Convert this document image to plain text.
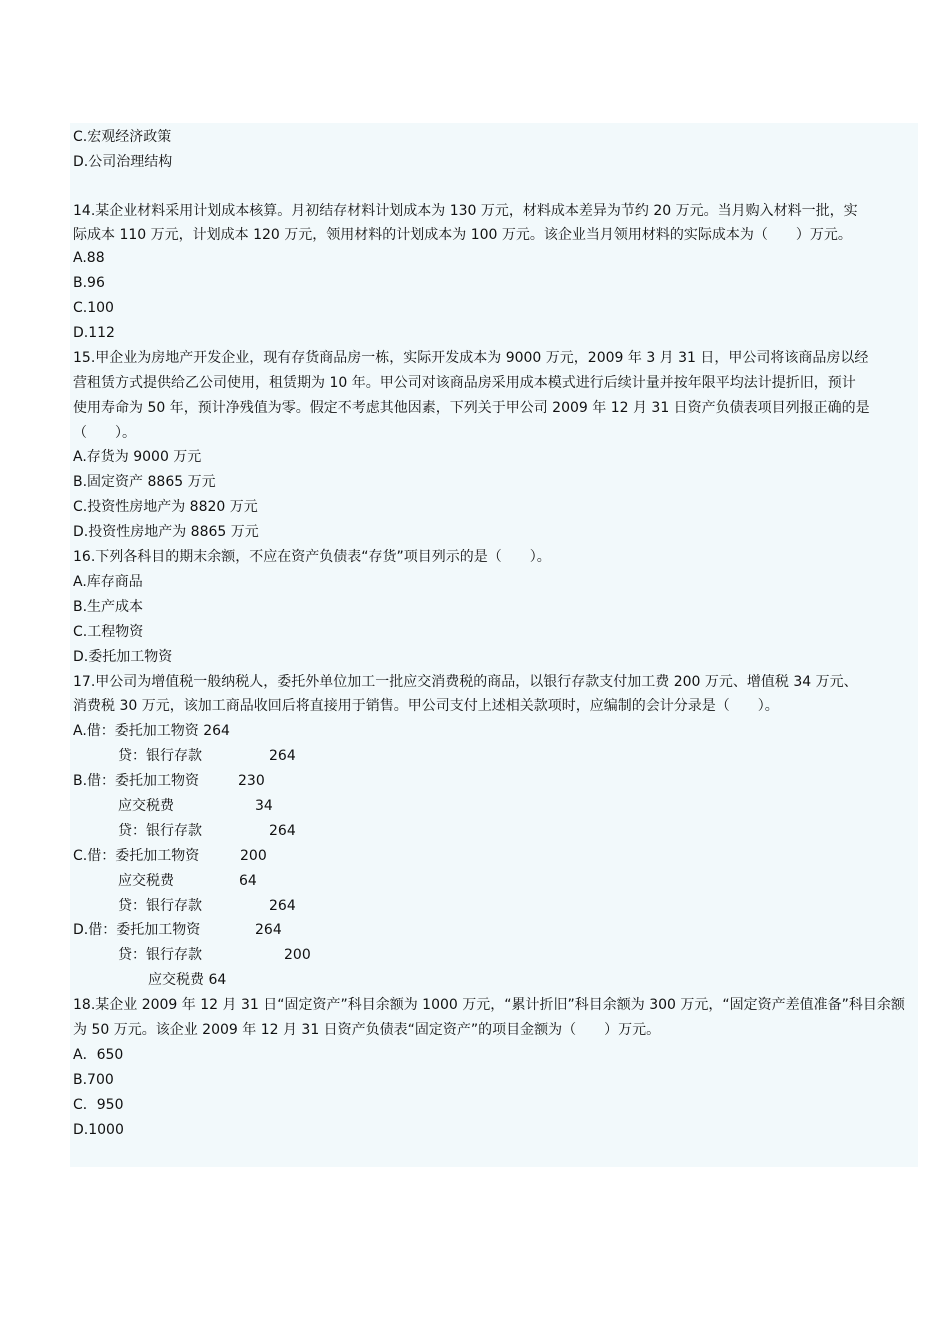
C.宏观经济政策
D.公司治理结构
14.某企业材料采用计划成本核算。月初结存材料计划成本为 130 万元，材料成本差异为节约 20 万元。当月购入材料一批，实
际成本 110 万元，计划成本 120 万元，领用材料的计划成本为 100 万元。该企业当月领用材料的实际成本为（　　）万元。
A.88
B.96
C.100
D.112
15.甲企业为房地产开发企业，现有存货商品房一栋，实际开发成本为 9000 万元，2009 年 3 月 31 日，甲公司将该商品房以经
营租赁方式提供给乙公司使用，租赁期为 10 年。甲公司对该商品房采用成本模式进行后续计量并按年限平均法计提折旧，预计
使用寿命为 50 年，预计净残值为零。假定不考虑其他因素，下列关于甲公司 2009 年 12 月 31 日资产负债表项目列报正确的是
（　　）。
A.存货为 9000 万元
B.固定资产 8865 万元
C.投资性房地产为 8820 万元
D.投资性房地产为 8865 万元
16.下列各科目的期末余额，不应在资产负债表“存货”项目列示的是（　　）。
A.库存商品
B.生产成本
C.工程物资
D.委托加工物资
17.甲公司为增值税一般纳税人，委托外单位加工一批应交消费税的商品，以银行存款支付加工费 200 万元、增值税 34 万元、
消费税 30 万元，该加工商品收回后将直接用于销售。甲公司支付上述相关款项时，应编制的会计分录是（　　）。
A.借：委托加工物资 264
贷：银行存款	264
B.借：委托加工物资	230
应交税费	34
贷：银行存款	264
C.借：委托加工物资	200
应交税费	64
贷：银行存款	264
D.借：委托加工物资	264
贷：银行存款	200
应交税费 64
18.某企业 2009 年 12 月 31 日“固定资产”科目余额为 1000 万元，“累计折旧”科目余额为 300 万元，“固定资产差值准备”科目余额
为 50 万元。该企业 2009 年 12 月 31 日资产负债表“固定资产”的项目金额为（　　）万元。
A．650
B.700
C．950
D.1000
